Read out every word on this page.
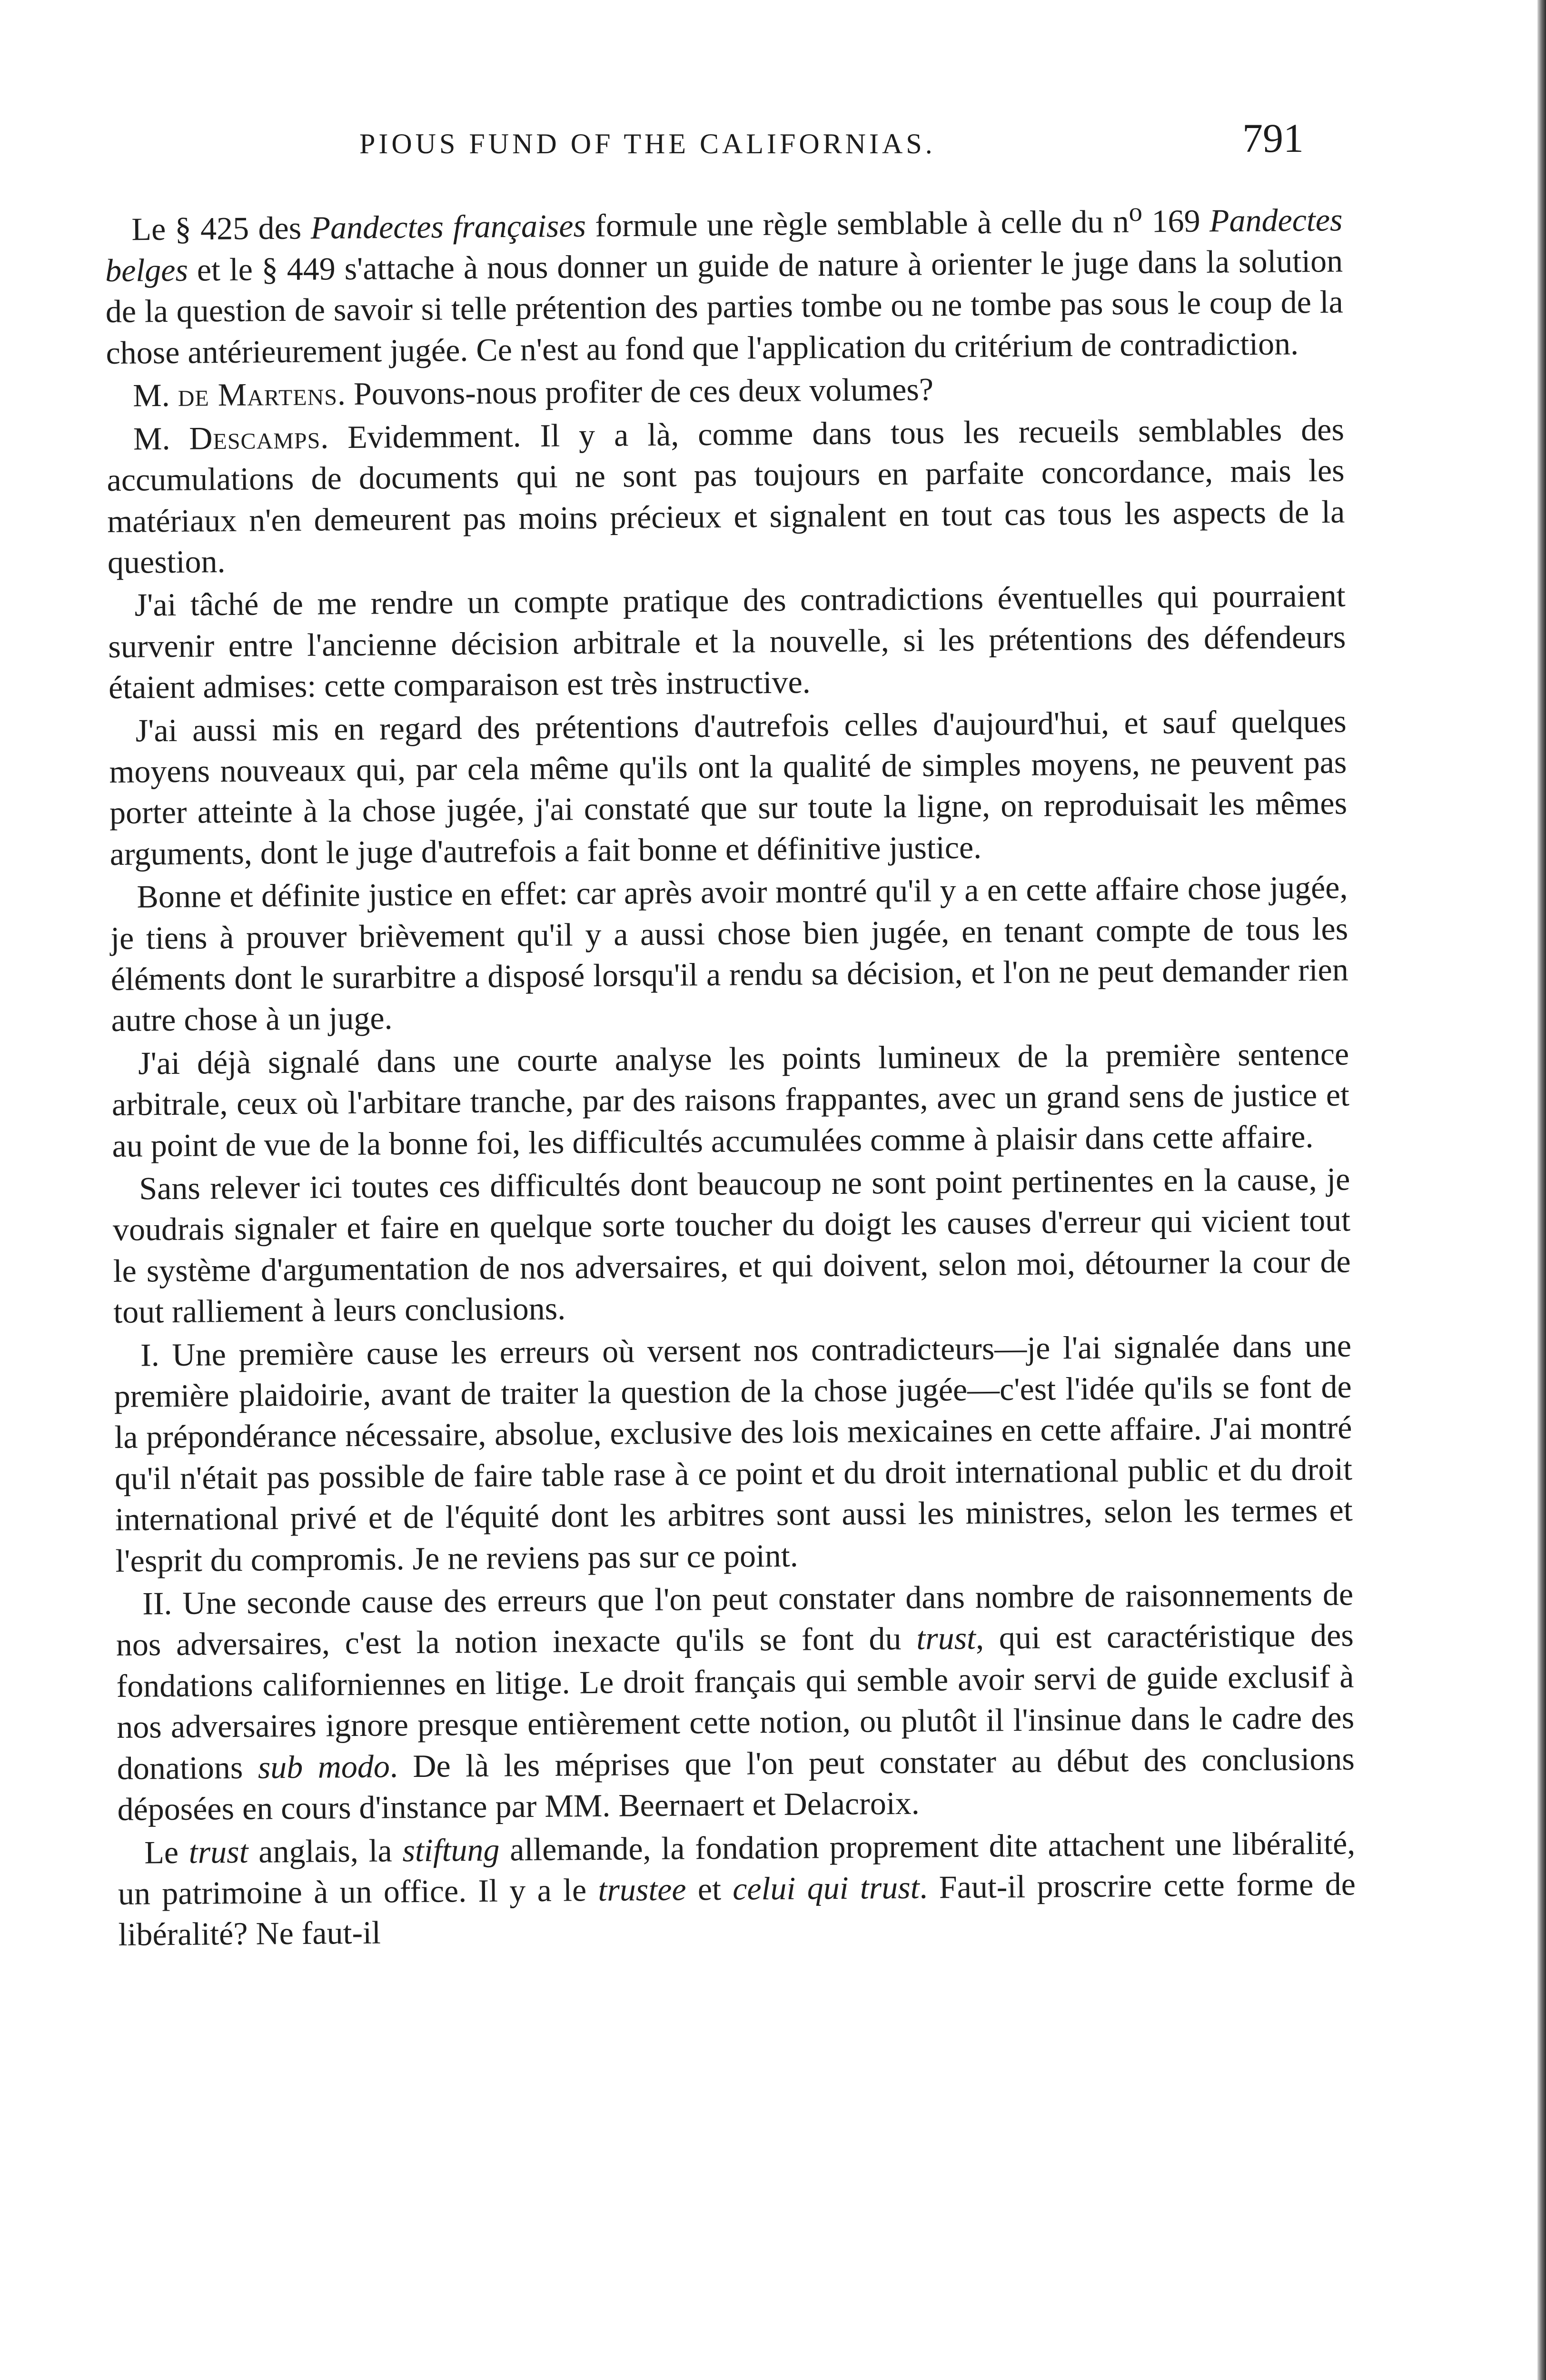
PIOUS FUND OF THE CALIFORNIAS.	791

Le § 425 des Pandectes françaises formule une règle semblable à celle du $n^o$ 169 Pandectes belges et le § 449 s'attache à nous donner un guide de nature à orienter le juge dans la solution de la question de savoir si telle prétention des parties tombe ou ne tombe pas sous le coup de la chose antérieurement jugée. Ce n'est au fond que l'application du critérium de contradiction.

M. de Martens. Pouvons-nous profiter de ces deux volumes?

M. Descamps. Evidemment. Il y a là, comme dans tous les recueils semblables des accumulations de documents qui ne sont pas toujours en parfaite concordance, mais les matériaux n'en demeurent pas moins précieux et signalent en tout cas tous les aspects de la question.

J'ai tâché de me rendre un compte pratique des contradictions éventuelles qui pourraient survenir entre l'ancienne décision arbitrale et la nouvelle, si les prétentions des défendeurs étaient admises: cette comparaison est très instructive.

J'ai aussi mis en regard des prétentions d'autrefois celles d'aujourd'hui, et sauf quelques moyens nouveaux qui, par cela même qu'ils ont la qualité de simples moyens, ne peuvent pas porter atteinte à la chose jugée, j'ai constaté que sur toute la ligne, on reproduisait les mêmes arguments, dont le juge d'autrefois a fait bonne et définitive justice.

Bonne et définite justice en effet: car après avoir montré qu'il y a en cette affaire chose jugée, je tiens à prouver brièvement qu'il y a aussi chose bien jugée, en tenant compte de tous les éléments dont le surarbitre a disposé lorsqu'il a rendu sa décision, et l'on ne peut demander rien autre chose à un juge.

J'ai déjà signalé dans une courte analyse les points lumineux de la première sentence arbitrale, ceux où l'arbitare tranche, par des raisons frappantes, avec un grand sens de justice et au point de vue de la bonne foi, les difficultés accumulées comme à plaisir dans cette affaire.

Sans relever ici toutes ces difficultés dont beaucoup ne sont point pertinentes en la cause, je voudrais signaler et faire en quelque sorte toucher du doigt les causes d'erreur qui vicient tout le système d'argumentation de nos adversaires, et qui doivent, selon moi, détourner la cour de tout ralliement à leurs conclusions.

I. Une première cause les erreurs où versent nos contradicteurs—je l'ai signalée dans une première plaidoirie, avant de traiter la question de la chose jugée—c'est l'idée qu'ils se font de la prépondérance nécessaire, absolue, exclusive des lois mexicaines en cette affaire. J'ai montré qu'il n'était pas possible de faire table rase à ce point et du droit international public et du droit international privé et de l'équité dont les arbitres sont aussi les ministres, selon les termes et l'esprit du compromis. Je ne reviens pas sur ce point.

II. Une seconde cause des erreurs que l'on peut constater dans nombre de raisonnements de nos adversaires, c'est la notion inexacte qu'ils se font du trust, qui est caractéristique des fondations californiennes en litige. Le droit français qui semble avoir servi de guide exclusif à nos adversaires ignore presque entièrement cette notion, ou plutôt il l'insinue dans le cadre des donations sub modo. De là les méprises que l'on peut constater au début des conclusions déposées en cours d'instance par MM. Beernaert et Delacroix.

Le trust anglais, la stiftung allemande, la fondation proprement dite attachent une libéralité, un patrimoine à un office. Il y a le trustee et celui qui trust. Faut-il proscrire cette forme de libéralité? Ne faut-il
